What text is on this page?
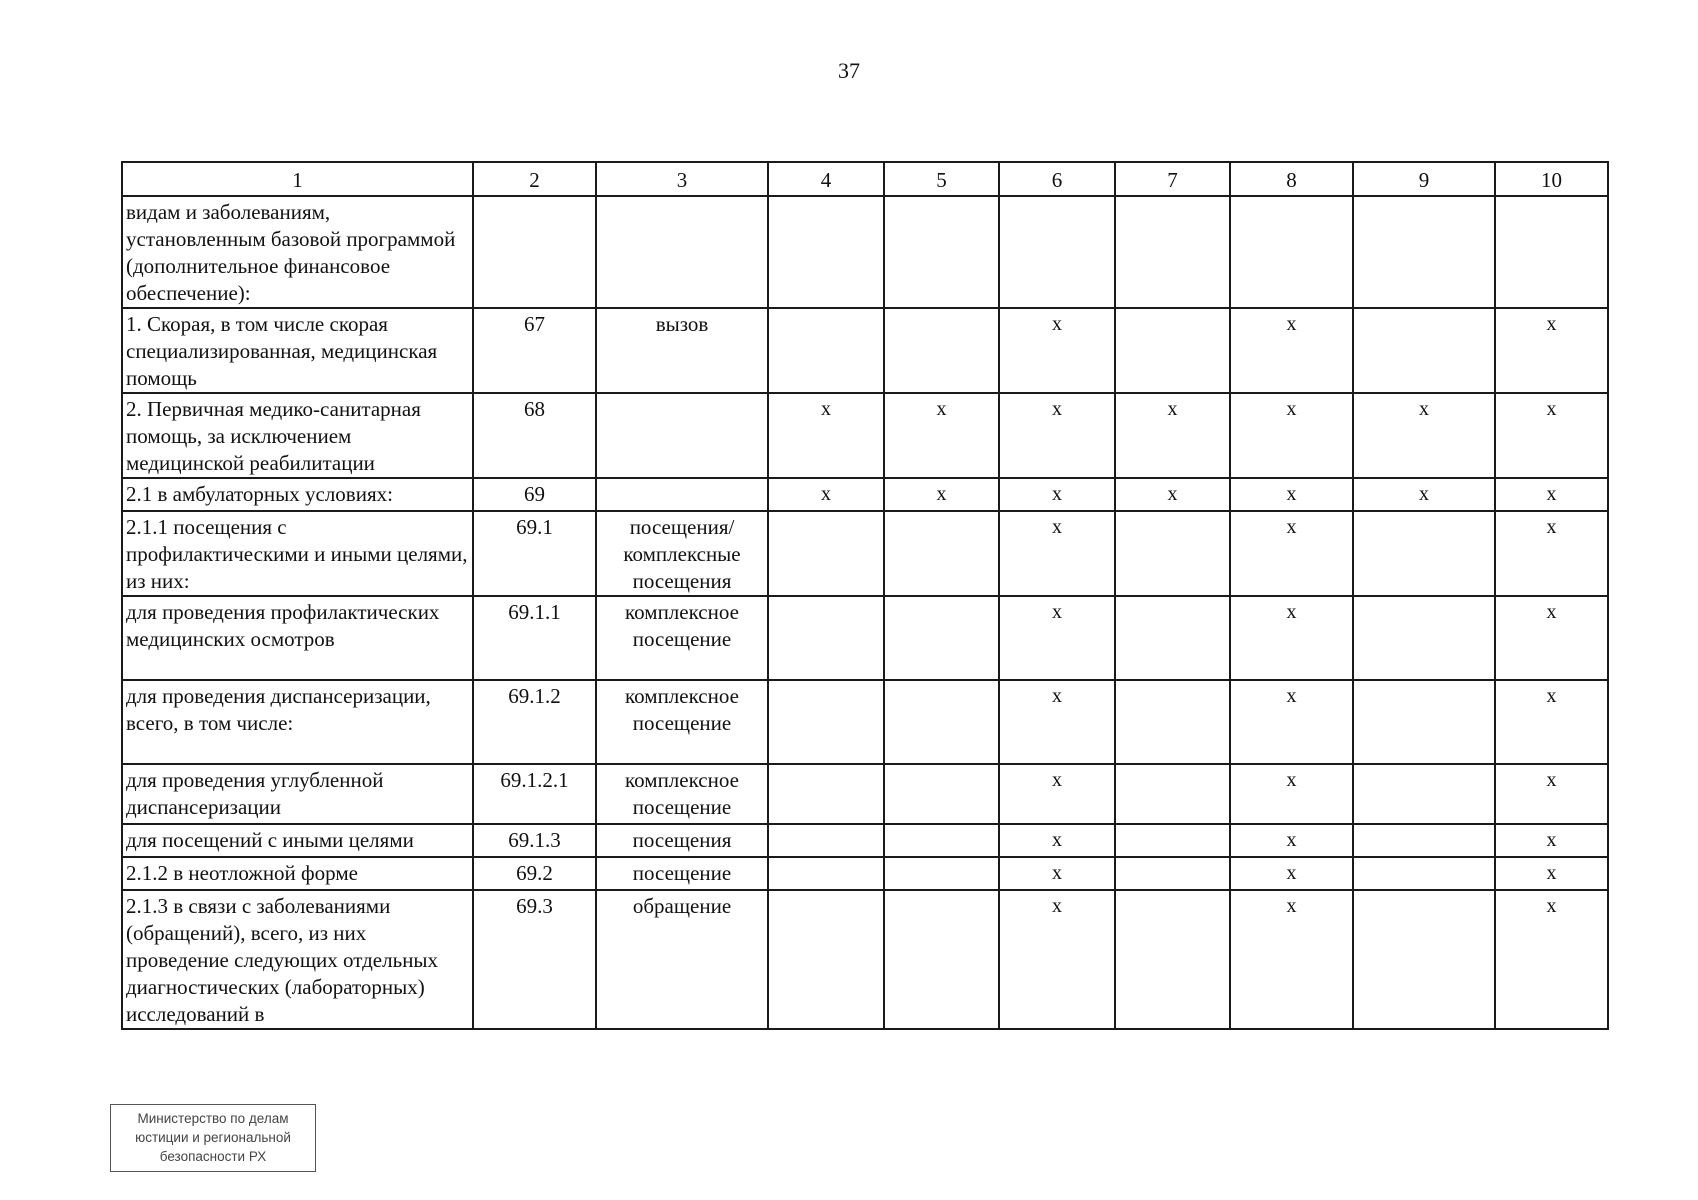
37
1	2	3	4	5	6	7	8	9	10
видам и заболеваниям, установленным базовой программой (дополнительное финансовое обеспечение):									
1. Скорая, в том числе скорая специализированная, медицинская помощь	67	вызов			х		х		х
2. Первичная медико-санитарная помощь, за исключением медицинской реабилитации	68		х	х	х	х	х	х	х
2.1 в амбулаторных условиях:	69		х	х	х	х	х	х	х
2.1.1 посещения с профилактическими и иными целями, из них:	69.1	посещения/комплексные посещения			х		х		х
для проведения профилактических медицинских осмотров	69.1.1	комплексное посещение			х		х		х
для проведения диспансеризации, всего, в том числе:	69.1.2	комплексное посещение			х		х		х
для проведения углубленной диспансеризации	69.1.2.1	комплексное посещение			х		х		х
для посещений с иными целями	69.1.3	посещения			х		х		х
2.1.2 в неотложной форме	69.2	посещение			х		х		х
2.1.3 в связи с заболеваниями (обращений), всего, из них проведение следующих отдельных диагностических (лабораторных) исследований в	69.3	обращение			х		х		х
Министерство по делам
юстиции и региональной
безопасности РХ
